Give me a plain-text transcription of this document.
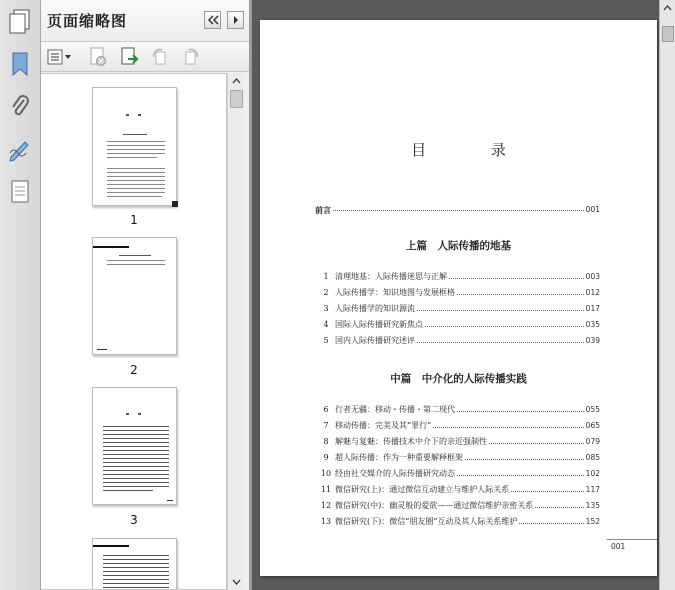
页面缩略图
1
2
3
目 录
前言	001
上篇　人际传播的地基
1 清理地基：人际传播迷思与正解	003
2 人际传播学：知识地图与发展框格	012
3 人际传播学的知识源流	017
4 国际人际传播研究新焦点	035
5 国内人际传播研究述评	039
中篇　中介化的人际传播实践
6 行者无疆：移动・传播・第二现代	055
7 移动传播：完美及其“罪行”	065
8 解魅与复魅：传播技术中介下的亲近强制性	079
9 超人际传播：作为一种重要解释框架	085
10 经由社交媒介的人际传播研究动态	102
11 微信研究(上)：通过微信互动建立与维护人际关系	117
12 微信研究(中)：幽灵般的爱欲——通过微信维护亲密关系	135
13 微信研究(下)：微信“朋友圈”互动及其人际关系维护	152
001
